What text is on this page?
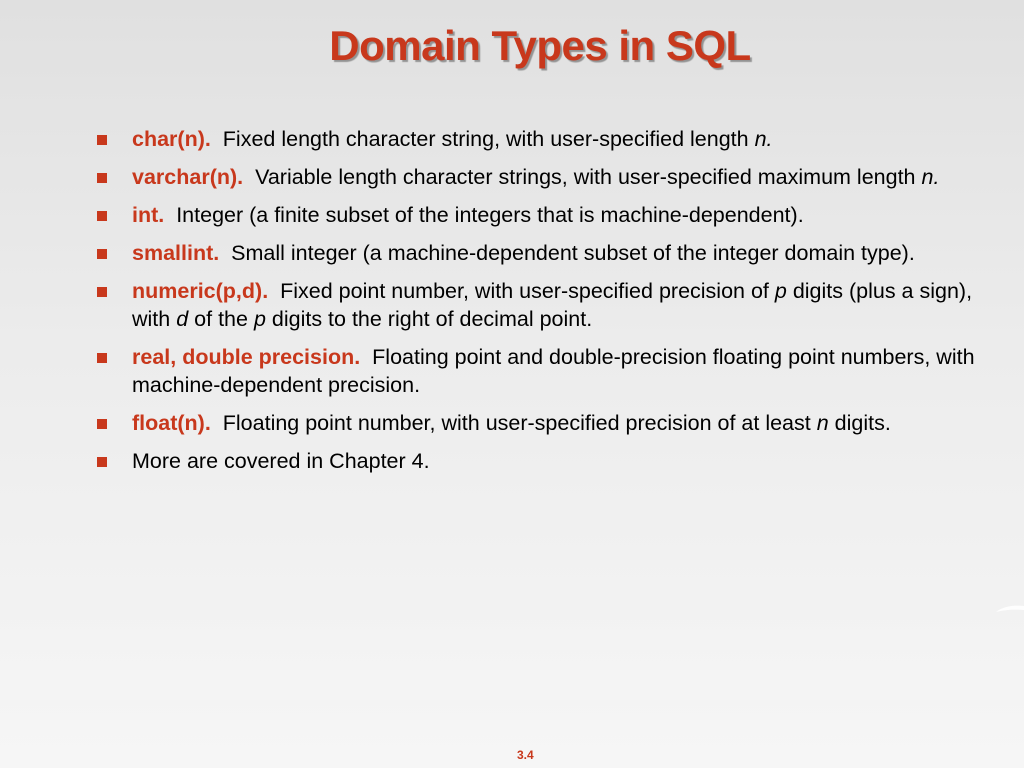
Domain Types in SQL
char(n). Fixed length character string, with user-specified length n.
varchar(n). Variable length character strings, with user-specified maximum length n.
int. Integer (a finite subset of the integers that is machine-dependent).
smallint. Small integer (a machine-dependent subset of the integer domain type).
numeric(p,d). Fixed point number, with user-specified precision of p digits (plus a sign), with d of the p digits to the right of decimal point.
real, double precision. Floating point and double-precision floating point numbers, with machine-dependent precision.
float(n). Floating point number, with user-specified precision of at least n digits.
More are covered in Chapter 4.
3.4
